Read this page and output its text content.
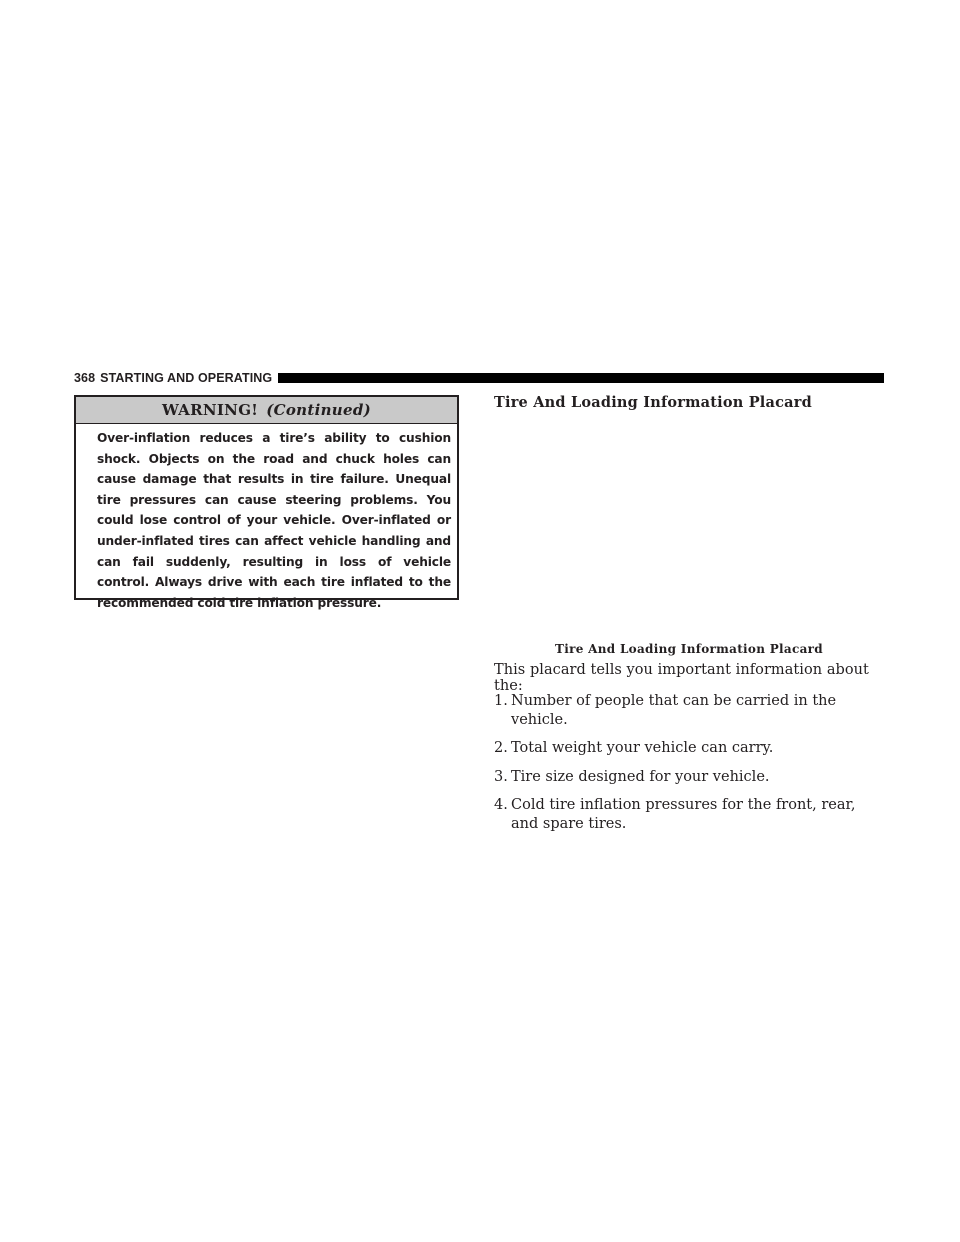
368 STARTING AND OPERATING
WARNING! (Continued)
Over-inflation reduces a tire’s ability to cushion shock. Objects on the road and chuck holes can cause damage that results in tire failure. Unequal tire pressures can cause steering problems. You could lose control of your vehicle. Over-inflated or under-inflated tires can affect vehicle handling and can fail suddenly, resulting in loss of vehicle control. Always drive with each tire inflated to the recommended cold tire inflation pressure.
Tire And Loading Information Placard
Tire And Loading Information Placard
This placard tells you important information about the:
1. Number of people that can be carried in the vehicle.
2. Total weight your vehicle can carry.
3. Tire size designed for your vehicle.
4. Cold tire inflation pressures for the front, rear, and spare tires.
